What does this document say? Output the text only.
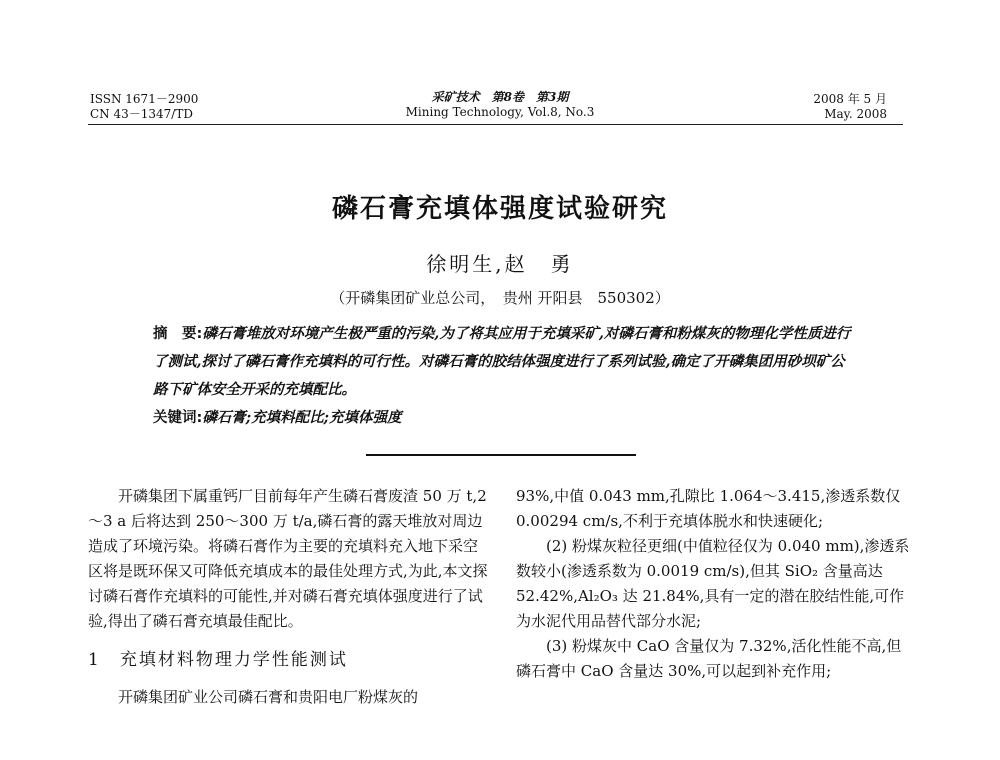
ISSN 1671－2900
CN 43－1347/TD
采矿技术　第8卷　第3期
Mining Technology, Vol.8, No.3
2008 年 5 月
May. 2008
磷石膏充填体强度试验研究
徐明生,赵　勇
（开磷集团矿业总公司，　贵州 开阳县　550302）
摘　要:磷石膏堆放对环境产生极严重的污染,为了将其应用于充填采矿,对磷石膏和粉煤灰的物理化学性质进行了测试,探讨了磷石膏作充填料的可行性。对磷石膏的胶结体强度进行了系列试验,确定了开磷集团用砂坝矿公路下矿体安全开采的充填配比。
关键词:磷石膏;充填料配比;充填体强度

开磷集团下属重钙厂目前每年产生磷石膏废渣 50 万 t,2～3 a 后将达到 250～300 万 t/a,磷石膏的露天堆放对周边造成了环境污染。将磷石膏作为主要的充填料充入地下采空区将是既环保又可降低充填成本的最佳处理方式,为此,本文探讨磷石膏作充填料的可能性,并对磷石膏充填体强度进行了试验,得出了磷石膏充填最佳配比。

1　充填材料物理力学性能测试

开磷集团矿业公司磷石膏和贵阳电厂粉煤灰的

93%,中值 0.043 mm,孔隙比 1.064～3.415,渗透系数仅 0.00294 cm/s,不利于充填体脱水和快速硬化;

(2) 粉煤灰粒径更细(中值粒径仅为 0.040 mm),渗透系数较小(渗透系数为 0.0019 cm/s),但其 SiO₂ 含量高达 52.42%,Al₂O₃ 达 21.84%,具有一定的潜在胶结性能,可作为水泥代用品替代部分水泥;

(3) 粉煤灰中 CaO 含量仅为 7.32%,活化性能不高,但磷石膏中 CaO 含量达 30%,可以起到补充作用;
